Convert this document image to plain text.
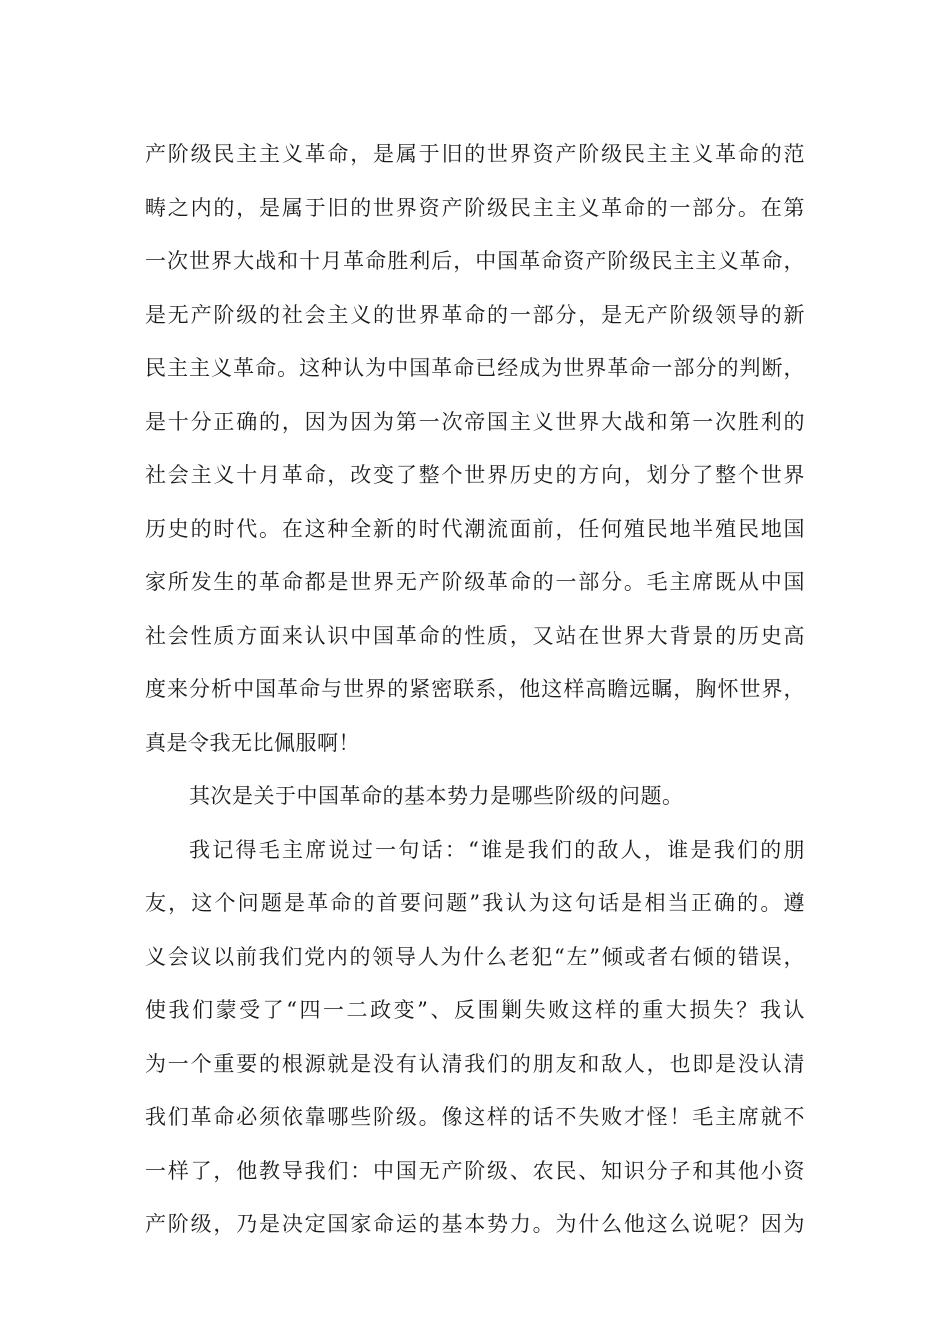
产阶级民主主义革命，是属于旧的世界资产阶级民主主义革命的范
畴之内的，是属于旧的世界资产阶级民主主义革命的一部分。在第
一次世界大战和十月革命胜利后，中国革命资产阶级民主主义革命，
是无产阶级的社会主义的世界革命的一部分，是无产阶级领导的新
民主主义革命。这种认为中国革命已经成为世界革命一部分的判断，
是十分正确的，因为因为第一次帝国主义世界大战和第一次胜利的
社会主义十月革命，改变了整个世界历史的方向，划分了整个世界
历史的时代。在这种全新的时代潮流面前，任何殖民地半殖民地国
家所发生的革命都是世界无产阶级革命的一部分。毛主席既从中国
社会性质方面来认识中国革命的性质，又站在世界大背景的历史高
度来分析中国革命与世界的紧密联系，他这样高瞻远瞩，胸怀世界，
真是令我无比佩服啊！
其次是关于中国革命的基本势力是哪些阶级的问题。
我记得毛主席说过一句话：“谁是我们的敌人，谁是我们的朋
友，这个问题是革命的首要问题”我认为这句话是相当正确的。遵
义会议以前我们党内的领导人为什么老犯“左”倾或者右倾的错误，
使我们蒙受了“四一二政变”、反围剿失败这样的重大损失？我认
为一个重要的根源就是没有认清我们的朋友和敌人，也即是没认清
我们革命必须依靠哪些阶级。像这样的话不失败才怪！毛主席就不
一样了，他教导我们：中国无产阶级、农民、知识分子和其他小资
产阶级，乃是决定国家命运的基本势力。为什么他这么说呢？因为
